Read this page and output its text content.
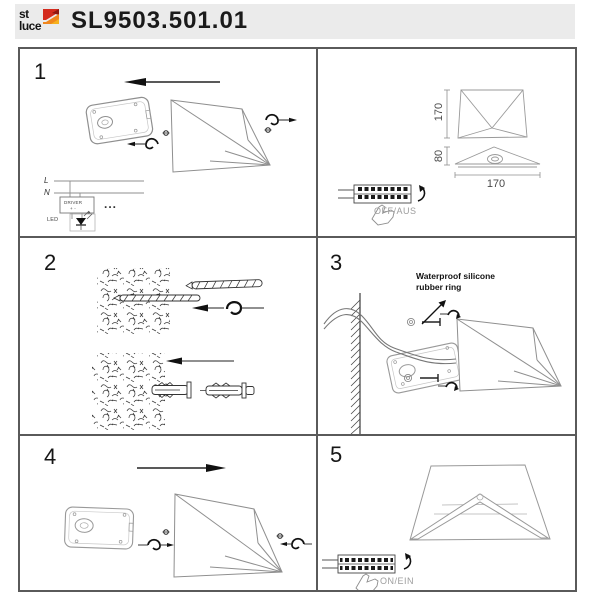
st
luce SL9503.501.01
1
L
N
DRIVER
+ -
LED
...
170
80
170
OFF/AUS
2	3
Waterproof silicone
rubber ring
4	5
ON/EIN
